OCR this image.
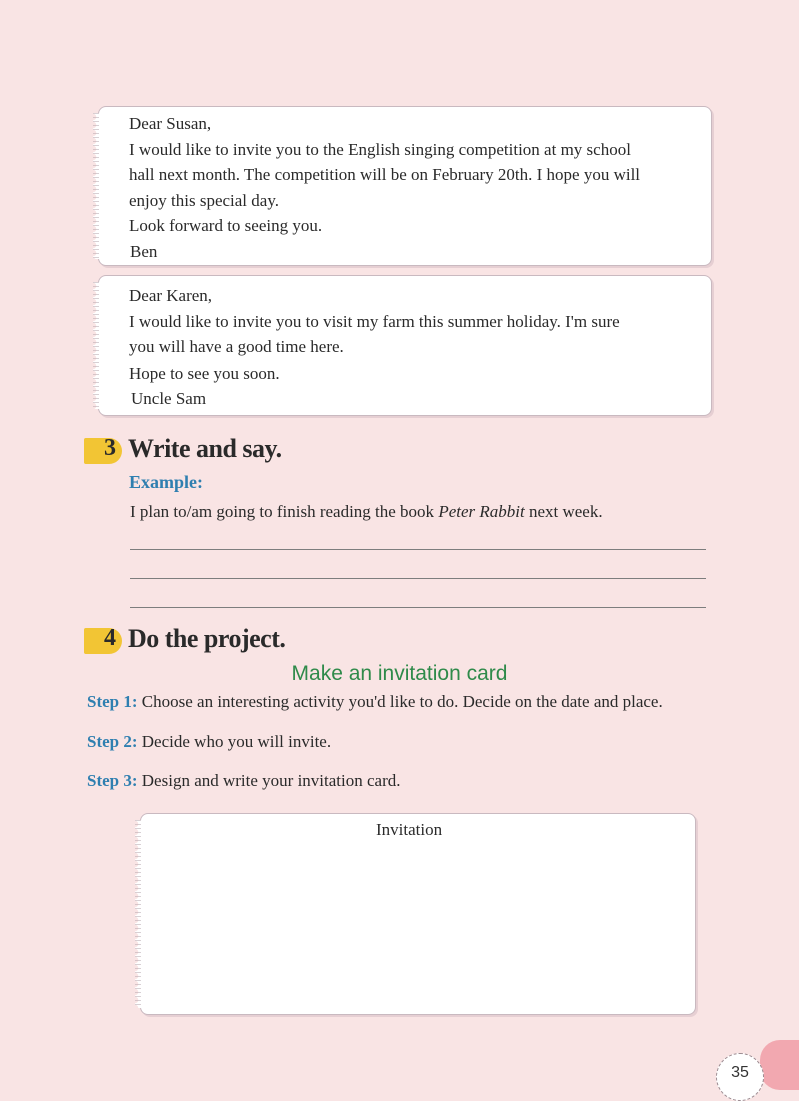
Dear Susan,
I would like to invite you to the English singing competition at my school
hall next month. The competition will be on February 20th. I hope you will
enjoy this special day.
Look forward to seeing you.
Ben
Dear Karen,
I would like to invite you to visit my farm this summer holiday. I'm sure
you will have a good time here.
Hope to see you soon.
Uncle Sam
3 Write and say.
Example:
I plan to/am going to finish reading the book Peter Rabbit next week.
4 Do the project.
Make an invitation card
Step 1: Choose an interesting activity you'd like to do. Decide on the date and place.
Step 2: Decide who you will invite.
Step 3: Design and write your invitation card.
Invitation
35
